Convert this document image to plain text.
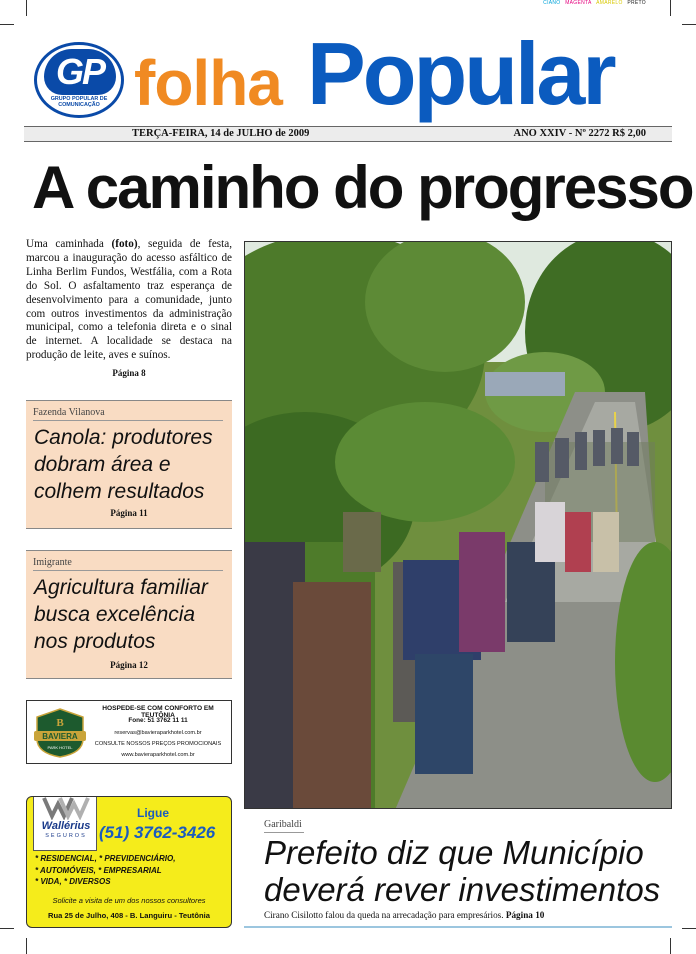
CIANO MAGENTA AMARELO PRETO
GP
GRUPO POPULAR DE COMUNICAÇÃO folha Popular
TERÇA-FEIRA, 14 de JULHO de 2009	ANO XXIV - Nº 2272 R$ 2,00
A caminho do progresso

Uma caminhada (foto), seguida de festa, marcou a inauguração do acesso asfáltico de Linha Berlim Fundos, Westfália, com a Rota do Sol. O asfaltamento traz esperança de desenvolvimento para a comunidade, junto com outros investimentos da administração municipal, como a telefonia direta e o sinal de internet. A localidade se destaca na produção de leite, aves e suínos.

Página 8
Fazenda Vilanova
Canola: produtores dobram área e colhem resultados
Página 11
Imigrante
Agricultura familiar busca excelência nos produtos
Página 12
BAVIERA
B
PARK HOTEL
HOSPEDE-SE COM CONFORTO EM TEUTÔNIA
Fone: 51 3762 11 11
reservas@bavieraparkhotel.com.br
CONSULTE NOSSOS PREÇOS PROMOCIONAIS
www.bavieraparkhotel.com.br
Wallérius
SEGUROS
Ligue
(51) 3762-3426
* RESIDENCIAL, * PREVIDENCIÁRIO,
* AUTOMÓVEIS, * EMPRESARIAL
* VIDA, * DIVERSOS
Solicite a visita de um dos nossos consultores
Rua 25 de Julho, 408 - B. Languiru - Teutônia
Garibaldi
Prefeito diz que Município
deverá rever investimentos
Cirano Cisilotto falou da queda na arrecadação para empresários. Página 10
